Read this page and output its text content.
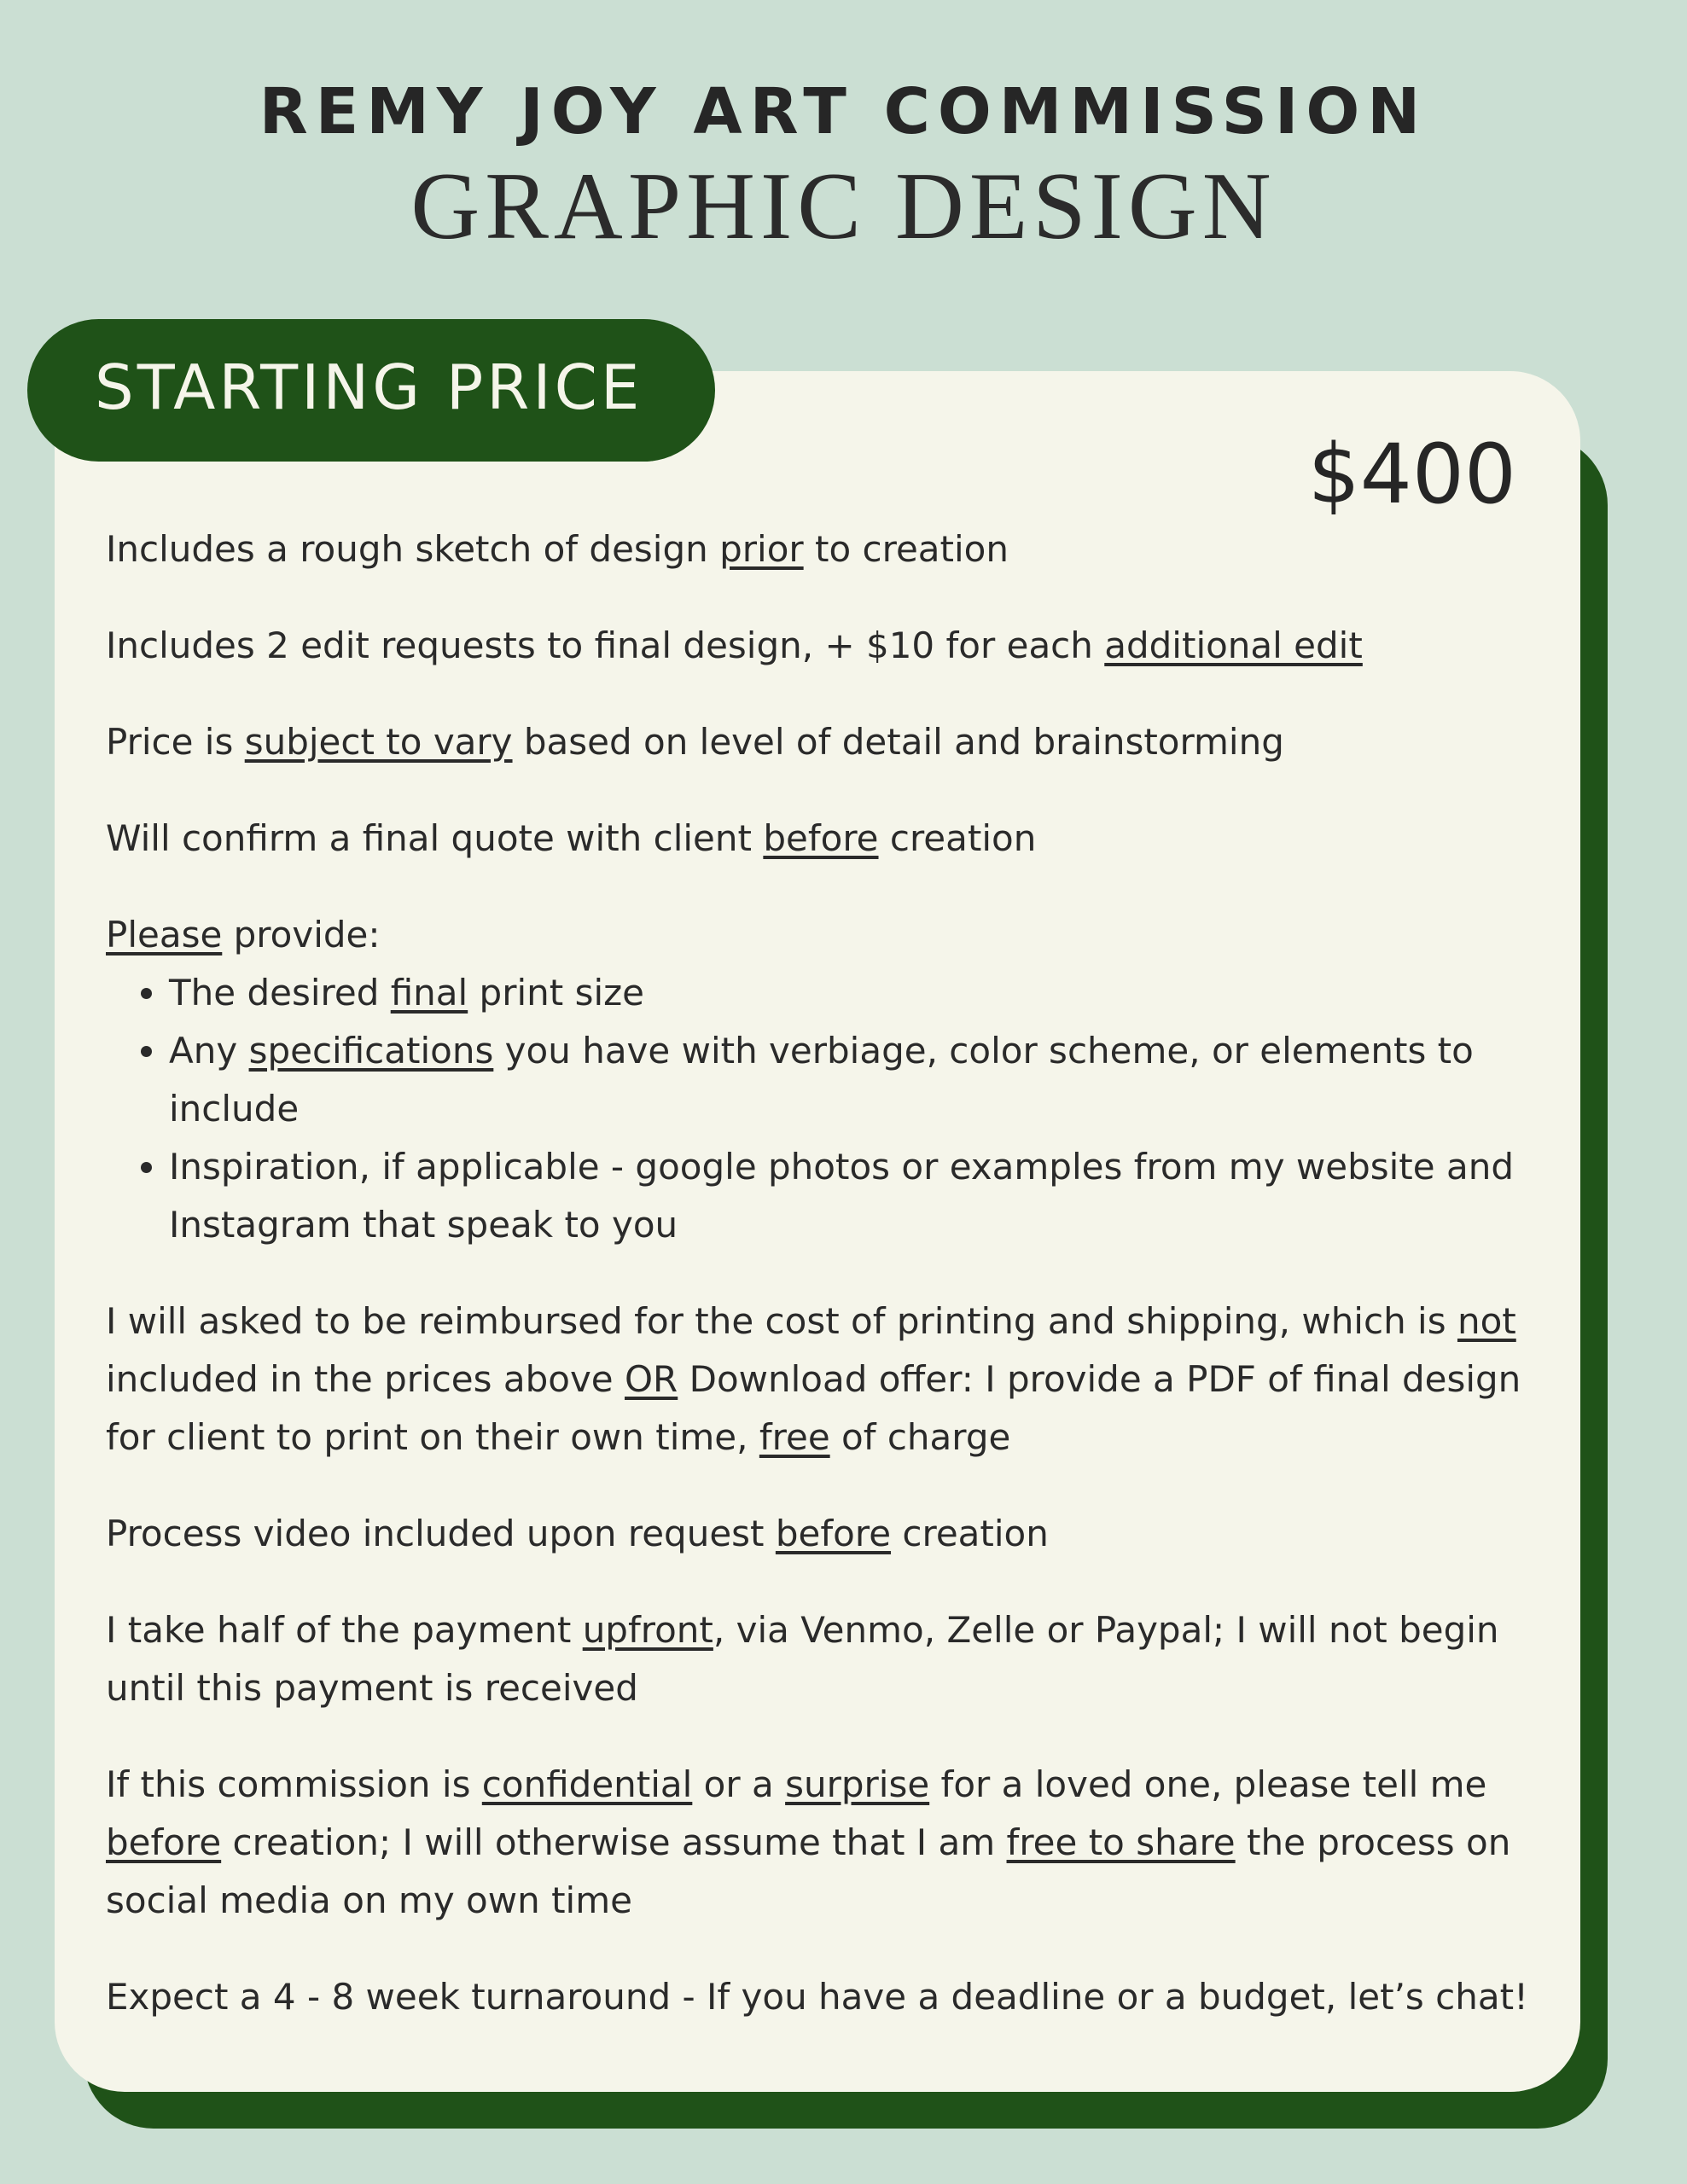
REMY JOY ART COMMISSION
GRAPHIC DESIGN
STARTING PRICE
$400

Includes a rough sketch of design prior to creation

Includes 2 edit requests to final design, + $10 for each additional edit

Price is subject to vary based on level of detail and brainstorming

Will confirm a final quote with client before creation

Please provide:
• The desired final print size
• Any specifications you have with verbiage, color scheme, or elements to include
• Inspiration, if applicable - google photos or examples from my website and Instagram that speak to you

I will asked to be reimbursed for the cost of printing and shipping, which is not included in the prices above OR Download offer: I provide a PDF of final design for client to print on their own time, free of charge

Process video included upon request before creation

I take half of the payment upfront, via Venmo, Zelle or Paypal; I will not begin until this payment is received

If this commission is confidential or a surprise for a loved one, please tell me before creation; I will otherwise assume that I am free to share the process on social media on my own time

Expect a 4 - 8 week turnaround - If you have a deadline or a budget, let’s chat!
